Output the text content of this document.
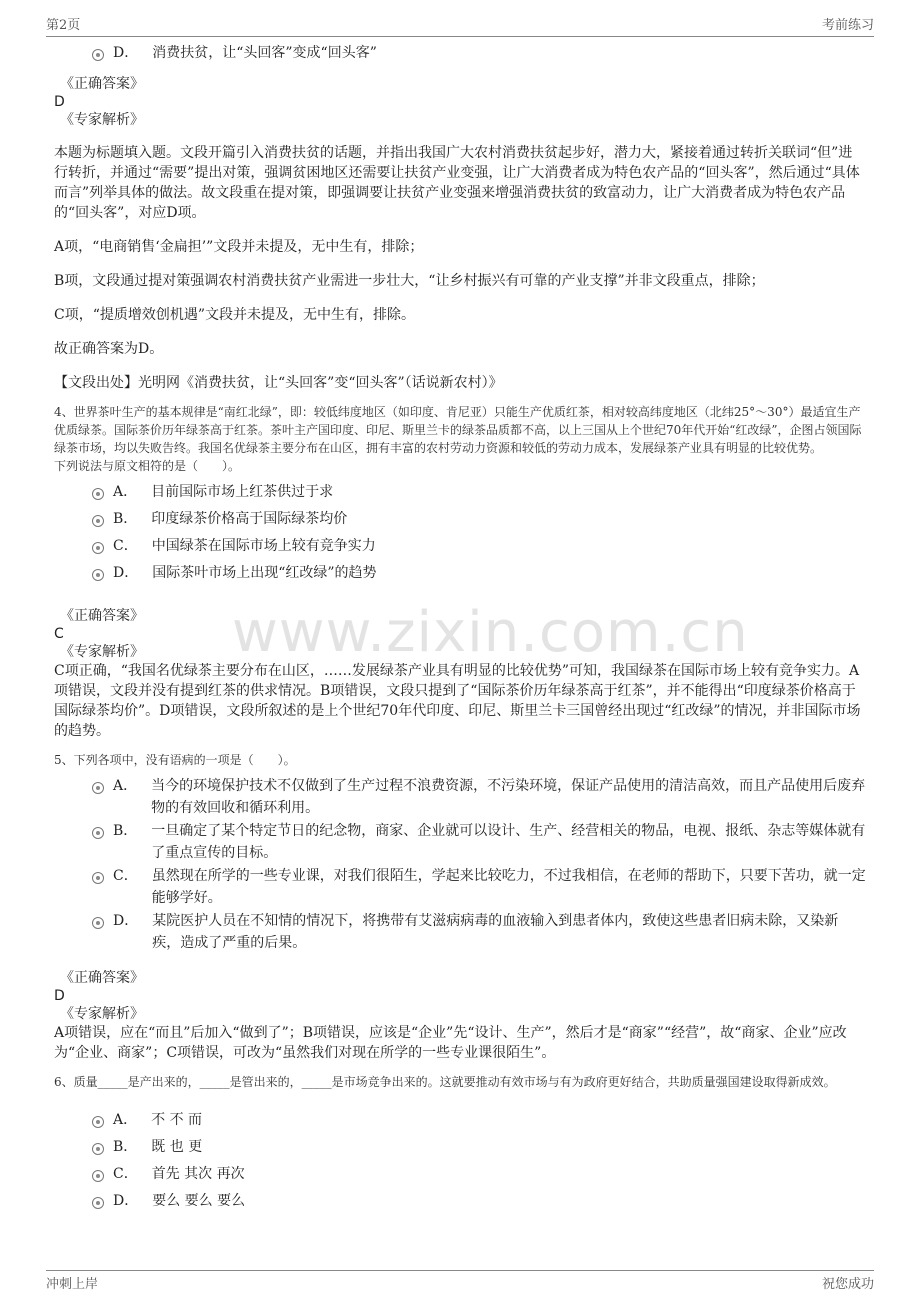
第2页	考前练习
www.zixin.com.cn
D． 消费扶贫，让“头回客”变成“回头客”
《正确答案》
D
《专家解析》

本题为标题填入题。文段开篇引入消费扶贫的话题，并指出我国广大农村消费扶贫起步好，潜力大，紧接着通过转折关联词“但”进行转折，并通过“需要”提出对策，强调贫困地区还需要让扶贫产业变强，让广大消费者成为特色农产品的“回头客”，然后通过“具体而言”列举具体的做法。故文段重在提对策，即强调要让扶贫产业变强来增强消费扶贫的致富动力，让广大消费者成为特色农产品的“回头客”，对应D项。

A项，“电商销售‘金扁担’”文段并未提及，无中生有，排除；

B项，文段通过提对策强调农村消费扶贫产业需进一步壮大，“让乡村振兴有可靠的产业支撑”并非文段重点，排除；

C项，“提质增效创机遇”文段并未提及，无中生有，排除。

故正确答案为D。

【文段出处】光明网《消费扶贫，让“头回客”变“回头客”（话说新农村）》

4、世界茶叶生产的基本规律是“南红北绿”，即：较低纬度地区（如印度、肯尼亚）只能生产优质红茶，相对较高纬度地区（北纬25°～30°）最适宜生产优质绿茶。国际茶价历年绿茶高于红茶。茶叶主产国印度、印尼、斯里兰卡的绿茶品质都不高，以上三国从上个世纪70年代开始“红改绿”，企图占领国际绿茶市场，均以失败告终。我国名优绿茶主要分布在山区，拥有丰富的农村劳动力资源和较低的劳动力成本，发展绿茶产业具有明显的比较优势。
下列说法与原文相符的是（　　）。
A． 目前国际市场上红茶供过于求
B． 印度绿茶价格高于国际绿茶均价
C． 中国绿茶在国际市场上较有竞争实力
D． 国际茶叶市场上出现“红改绿”的趋势
《正确答案》
C
《专家解析》

C项正确，“我国名优绿茶主要分布在山区，……发展绿茶产业具有明显的比较优势”可知，我国绿茶在国际市场上较有竞争实力。A项错误，文段并没有提到红茶的供求情况。B项错误，文段只提到了“国际茶价历年绿茶高于红茶”，并不能得出“印度绿茶价格高于国际绿茶均价”。D项错误，文段所叙述的是上个世纪70年代印度、印尼、斯里兰卡三国曾经出现过“红改绿”的情况，并非国际市场的趋势。

5、下列各项中，没有语病的一项是（　　）。
A． 当今的环境保护技术不仅做到了生产过程不浪费资源，不污染环境，保证产品使用的清洁高效，而且产品使用后废弃物的有效回收和循环利用。
B． 一旦确定了某个特定节日的纪念物，商家、企业就可以设计、生产、经营相关的物品，电视、报纸、杂志等媒体就有了重点宣传的目标。
C． 虽然现在所学的一些专业课，对我们很陌生，学起来比较吃力，不过我相信，在老师的帮助下，只要下苦功，就一定能够学好。
D． 某院医护人员在不知情的情况下，将携带有艾滋病病毒的血液输入到患者体内，致使这些患者旧病未除，又染新疾，造成了严重的后果。
《正确答案》
D
《专家解析》

A项错误，应在“而且”后加入“做到了”；B项错误，应该是“企业”先“设计、生产”，然后才是“商家”“经营”，故“商家、企业”应改为“企业、商家”；C项错误，可改为“虽然我们对现在所学的一些专业课很陌生”。

6、质量_____是产出来的，_____是管出来的，_____是市场竞争出来的。这就要推动有效市场与有为政府更好结合，共助质量强国建设取得新成效。
A． 不 不 而
B． 既 也 更
C． 首先 其次 再次
D． 要么 要么 要么
冲刺上岸	祝您成功
